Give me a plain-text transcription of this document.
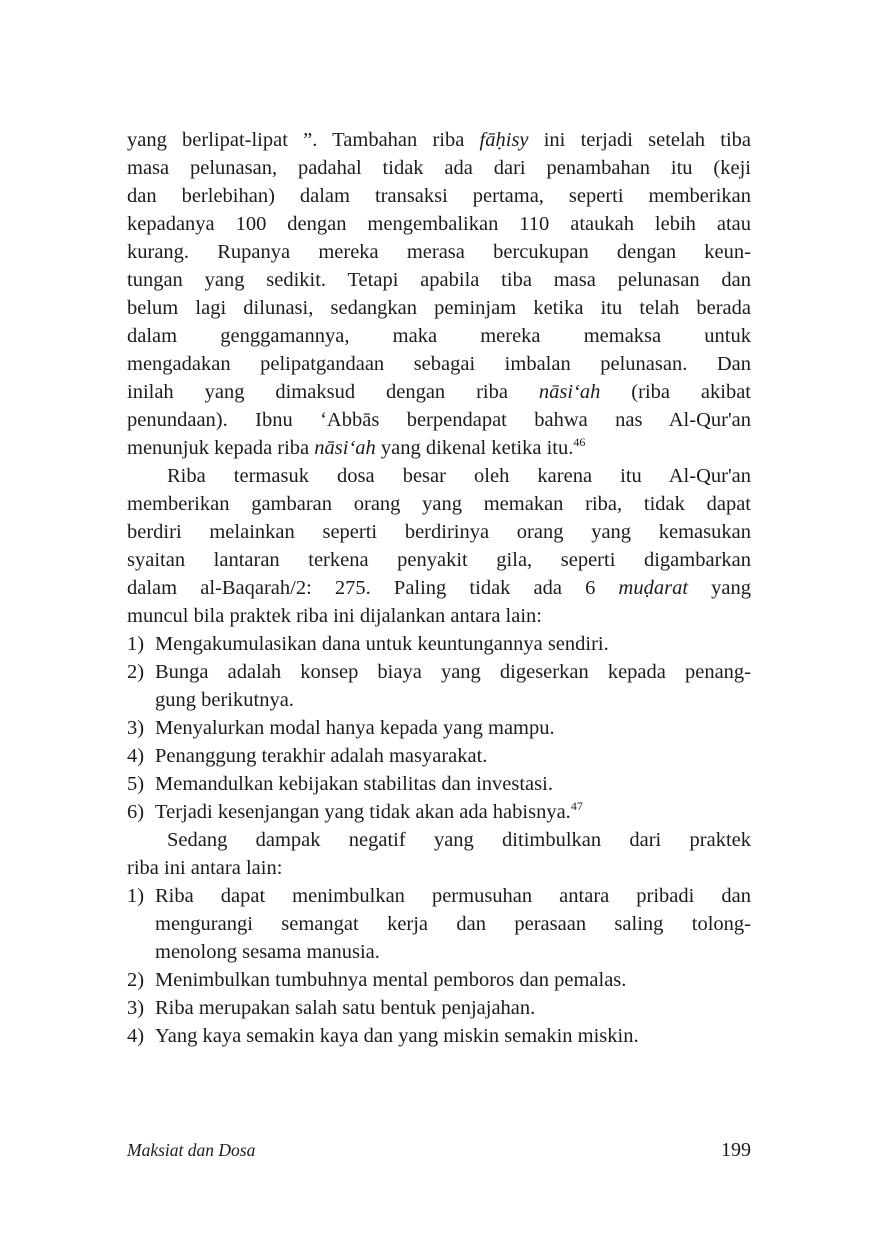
yang berlipat-lipat ”. Tambahan riba fāḥisy ini terjadi setelah tiba
masa pelunasan, padahal tidak ada dari penambahan itu (keji
dan berlebihan) dalam transaksi pertama, seperti memberikan
kepadanya 100 dengan mengembalikan 110 ataukah lebih atau
kurang. Rupanya mereka merasa bercukupan dengan keun-
tungan yang sedikit. Tetapi apabila tiba masa pelunasan dan
belum lagi dilunasi, sedangkan peminjam ketika itu telah berada
dalam genggamannya, maka mereka memaksa untuk
mengadakan pelipatgandaan sebagai imbalan pelunasan. Dan
inilah yang dimaksud dengan riba nāsiʻah (riba akibat
penundaan). Ibnu ʻAbbās berpendapat bahwa nas Al-Qur'an
menunjuk kepada riba nāsiʻah yang dikenal ketika itu.$^{46}$
Riba termasuk dosa besar oleh karena itu Al-Qur'an
memberikan gambaran orang yang memakan riba, tidak dapat
berdiri melainkan seperti berdirinya orang yang kemasukan
syaitan lantaran terkena penyakit gila, seperti digambarkan
dalam al-Baqarah/2: 275. Paling tidak ada 6 muḍarat yang
muncul bila praktek riba ini dijalankan antara lain:
1) Mengakumulasikan dana untuk keuntungannya sendiri.
2) Bunga adalah konsep biaya yang digeserkan kepada penang-
gung berikutnya.
3) Menyalurkan modal hanya kepada yang mampu.
4) Penanggung terakhir adalah masyarakat.
5) Memandulkan kebijakan stabilitas dan investasi.
6) Terjadi kesenjangan yang tidak akan ada habisnya.$^{47}$
Sedang dampak negatif yang ditimbulkan dari praktek
riba ini antara lain:
1) Riba dapat menimbulkan permusuhan antara pribadi dan
mengurangi semangat kerja dan perasaan saling tolong-
menolong sesama manusia.
2) Menimbulkan tumbuhnya mental pemboros dan pemalas.
3) Riba merupakan salah satu bentuk penjajahan.
4) Yang kaya semakin kaya dan yang miskin semakin miskin.
Maksiat dan Dosa	199
